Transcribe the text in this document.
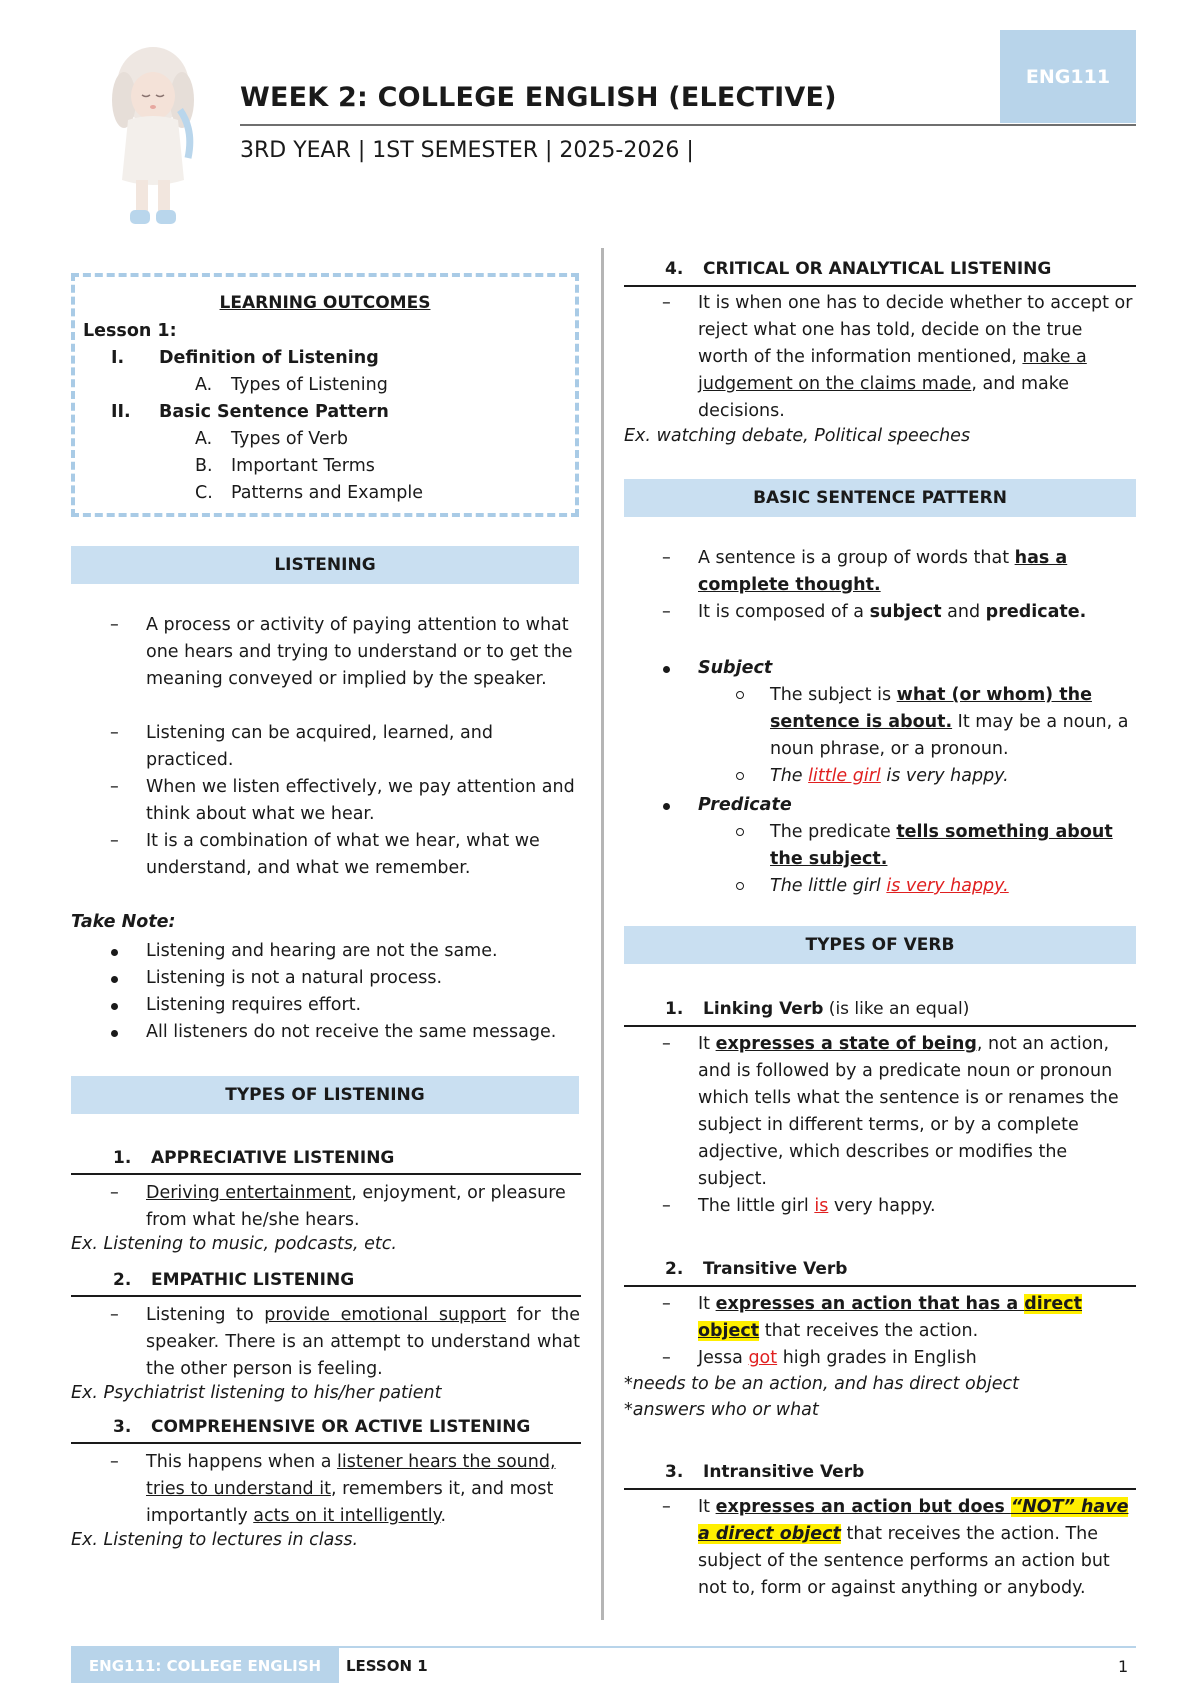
WEEK 2: COLLEGE ENGLISH (ELECTIVE)
3RD YEAR | 1ST SEMESTER | 2025-2026 |
ENG111
LEARNING OUTCOMES
Lesson 1:
I. Definition of Listening
A. Types of Listening
II. Basic Sentence Pattern
A. Types of Verb
B. Important Terms
C. Patterns and Example
LISTENING
– A process or activity of paying attention to what one hears and trying to understand or to get the meaning conveyed or implied by the speaker.
– Listening can be acquired, learned, and practiced.
– When we listen effectively, we pay attention and think about what we hear.
– It is a combination of what we hear, what we understand, and what we remember.
Take Note:
Listening and hearing are not the same.
Listening is not a natural process.
Listening requires effort.
All listeners do not receive the same message.
TYPES OF LISTENING
1. APPRECIATIVE LISTENING
– Deriving entertainment, enjoyment, or pleasure from what he/she hears.
Ex. Listening to music, podcasts, etc.
2. EMPATHIC LISTENING
– Listening to provide emotional support for the speaker. There is an attempt to understand what the other person is feeling.
Ex. Psychiatrist listening to his/her patient
3. COMPREHENSIVE OR ACTIVE LISTENING
– This happens when a listener hears the sound, tries to understand it, remembers it, and most importantly acts on it intelligently.
Ex. Listening to lectures in class.
4. CRITICAL OR ANALYTICAL LISTENING
– It is when one has to decide whether to accept or reject what one has told, decide on the true worth of the information mentioned, make a judgement on the claims made, and make decisions.
Ex. watching debate, Political speeches
BASIC SENTENCE PATTERN
– A sentence is a group of words that has a complete thought.
– It is composed of a subject and predicate.
Subject
The subject is what (or whom) the sentence is about. It may be a noun, a noun phrase, or a pronoun.
The little girl is very happy.
Predicate
The predicate tells something about the subject.
The little girl is very happy.
TYPES OF VERB
1. Linking Verb (is like an equal)
– It expresses a state of being, not an action, and is followed by a predicate noun or pronoun which tells what the sentence is or renames the subject in different terms, or by a complete adjective, which describes or modifies the subject.
– The little girl is very happy.
2. Transitive Verb
– It expresses an action that has a direct object that receives the action.
– Jessa got high grades in English
*needs to be an action, and has direct object
*answers who or what
3. Intransitive Verb
– It expresses an action but does “NOT” have a direct object that receives the action. The subject of the sentence performs an action but not to, form or against anything or anybody.
ENG111: COLLEGE ENGLISH	LESSON 1	1
